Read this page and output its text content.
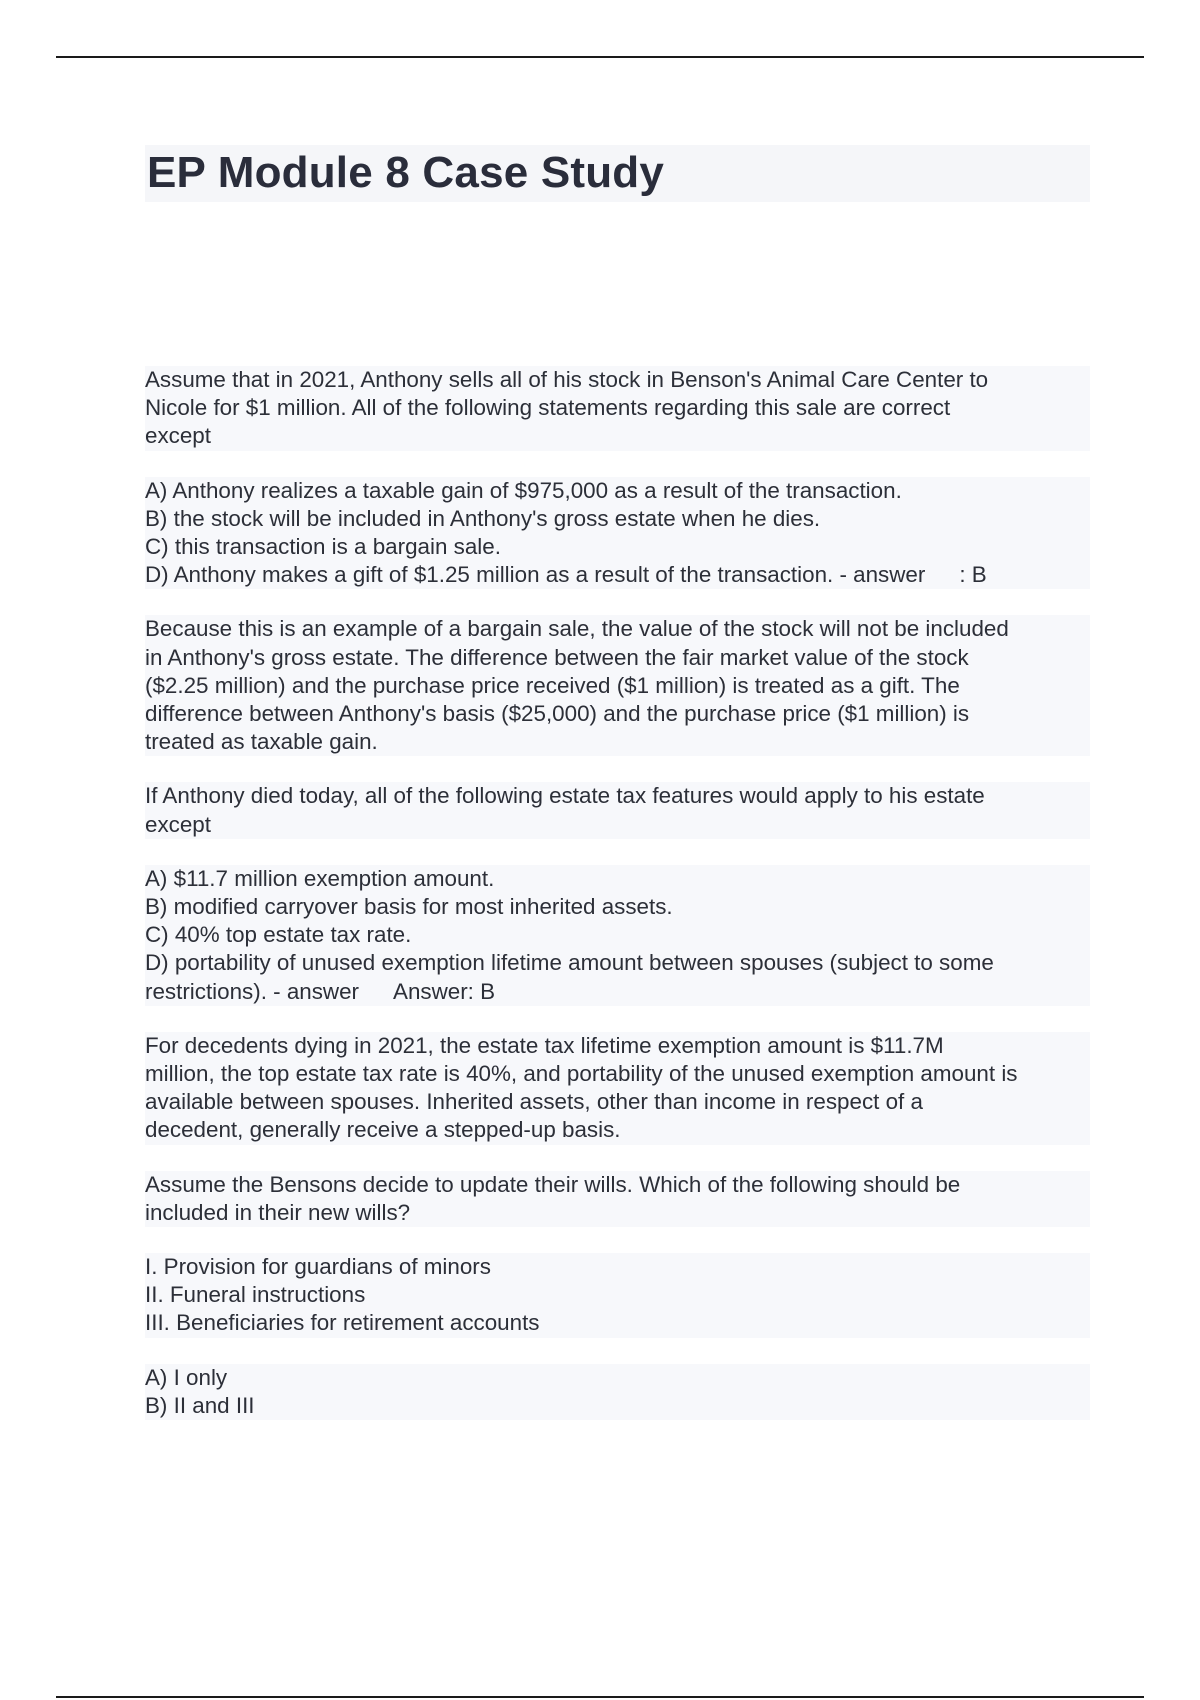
EP Module 8 Case Study

Assume that in 2021, Anthony sells all of his stock in Benson's Animal Care Center to
Nicole for $1 million. All of the following statements regarding this sale are correct
except

A) Anthony realizes a taxable gain of $975,000 as a result of the transaction.
B) the stock will be included in Anthony's gross estate when he dies.
C) this transaction is a bargain sale.
D) Anthony makes a gift of $1.25 million as a result of the transaction. - answer : B

Because this is an example of a bargain sale, the value of the stock will not be included
in Anthony's gross estate. The difference between the fair market value of the stock
($2.25 million) and the purchase price received ($1 million) is treated as a gift. The
difference between Anthony's basis ($25,000) and the purchase price ($1 million) is
treated as taxable gain.

If Anthony died today, all of the following estate tax features would apply to his estate
except

A) $11.7 million exemption amount.
B) modified carryover basis for most inherited assets.
C) 40% top estate tax rate.
D) portability of unused exemption lifetime amount between spouses (subject to some
restrictions). - answer Answer: B

For decedents dying in 2021, the estate tax lifetime exemption amount is $11.7M
million, the top estate tax rate is 40%, and portability of the unused exemption amount is
available between spouses. Inherited assets, other than income in respect of a
decedent, generally receive a stepped-up basis.

Assume the Bensons decide to update their wills. Which of the following should be
included in their new wills?

I. Provision for guardians of minors
II. Funeral instructions
III. Beneficiaries for retirement accounts

A) I only
B) II and III
